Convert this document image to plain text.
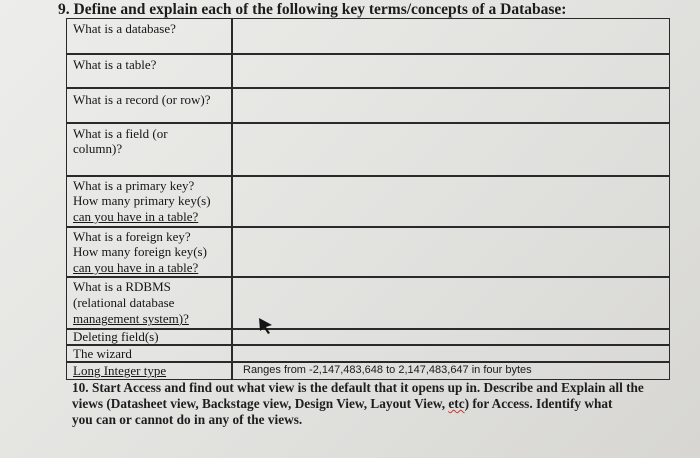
9. Define and explain each of the following key terms/concepts of a Database:
What is a database?
What is a table?
What is a record (or row)?
What is a field (or
column)?
What is a primary key?
How many primary key(s)
can you have in a table?
What is a foreign key?
How many foreign key(s)
can you have in a table?
What is a RDBMS
(relational database
management system)?
Deleting field(s)
The wizard
Long Integer type	Ranges from -2,147,483,648 to 2,147,483,647 in four bytes
10. Start Access and find out what view is the default that it opens up in. Describe and Explain all the
views (Datasheet view, Backstage view, Design View, Layout View, etc) for Access. Identify what
you can or cannot do in any of the views.
